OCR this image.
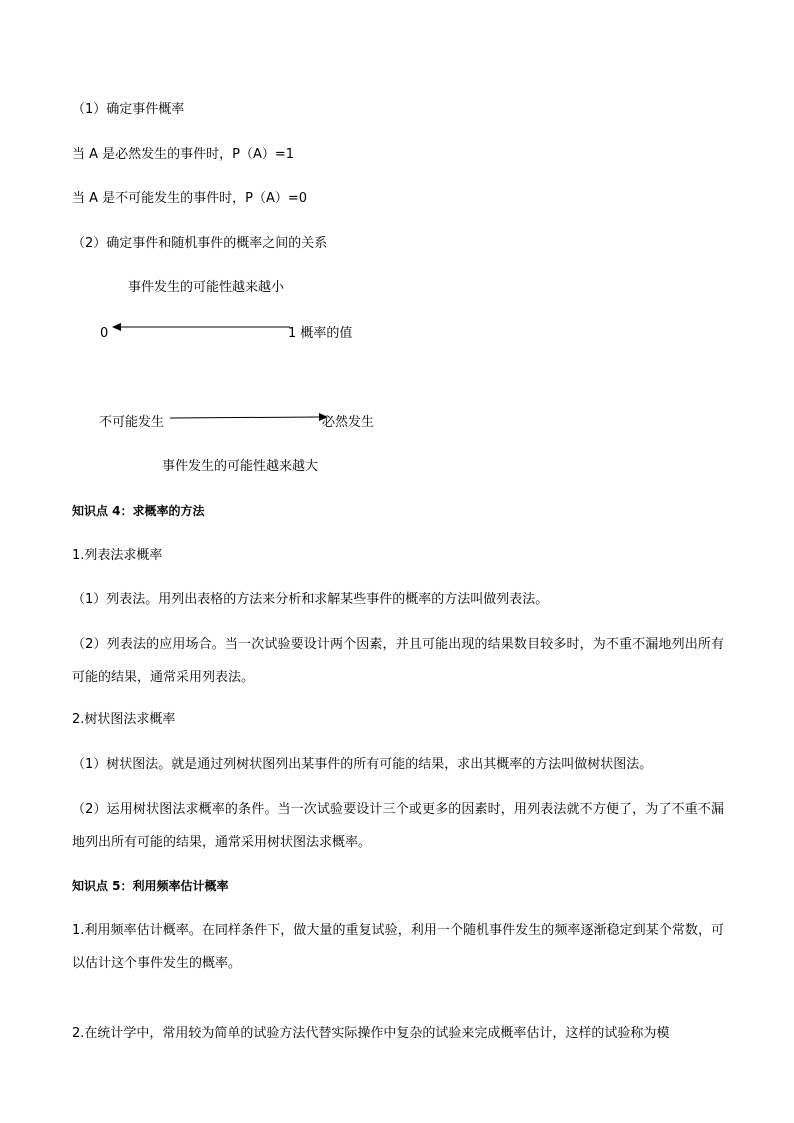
（1）确定事件概率
当 A 是必然发生的事件时，P（A）=1
当 A 是不可能发生的事件时，P（A）=0
（2）确定事件和随机事件的概率之间的关系
事件发生的可能性越来越小
0	1 概率的值
不可能发生	必然发生
事件发生的可能性越来越大
知识点 4：求概率的方法
1.列表法求概率
（1）列表法。用列出表格的方法来分析和求解某些事件的概率的方法叫做列表法。
（2）列表法的应用场合。当一次试验要设计两个因素，并且可能出现的结果数目较多时，为不重不漏地列出所有可能的结果，通常采用列表法。
2.树状图法求概率
（1）树状图法。就是通过列树状图列出某事件的所有可能的结果，求出其概率的方法叫做树状图法。
（2）运用树状图法求概率的条件。当一次试验要设计三个或更多的因素时，用列表法就不方便了，为了不重不漏地列出所有可能的结果，通常采用树状图法求概率。
知识点 5：利用频率估计概率
1.利用频率估计概率。在同样条件下，做大量的重复试验，利用一个随机事件发生的频率逐渐稳定到某个常数，可以估计这个事件发生的概率。
2.在统计学中，常用较为简单的试验方法代替实际操作中复杂的试验来完成概率估计，这样的试验称为模
